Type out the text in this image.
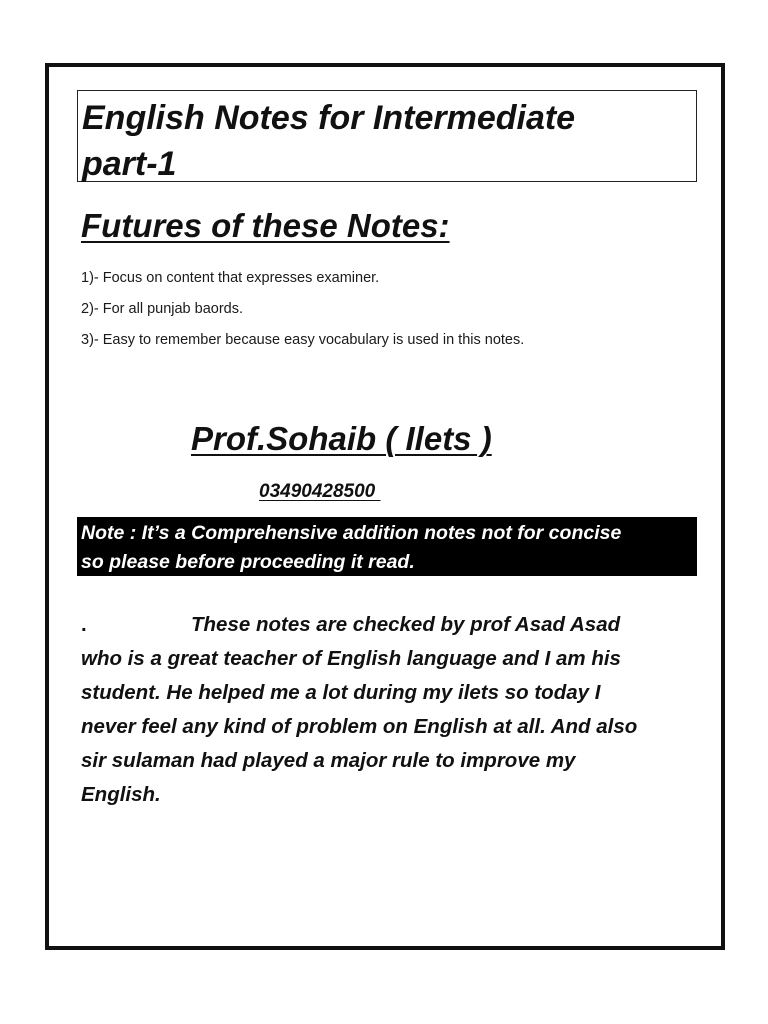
English Notes for Intermediate
part-1

Futures of these Notes:
1)- Focus on content that expresses examiner.
2)- For all punjab baords.
3)- Easy to remember because easy vocabulary is used in this notes.
Prof.Sohaib ( Ilets )
03490428500

Note : It’s a Comprehensive addition notes not for concise
so please before proceeding it read.

.	These notes are checked by prof Asad Asad
who is a great teacher of English language and I am his
student. He helped me a lot during my ilets so today I
never feel any kind of problem on English at all. And also
sir sulaman had played a major rule to improve my
English.
